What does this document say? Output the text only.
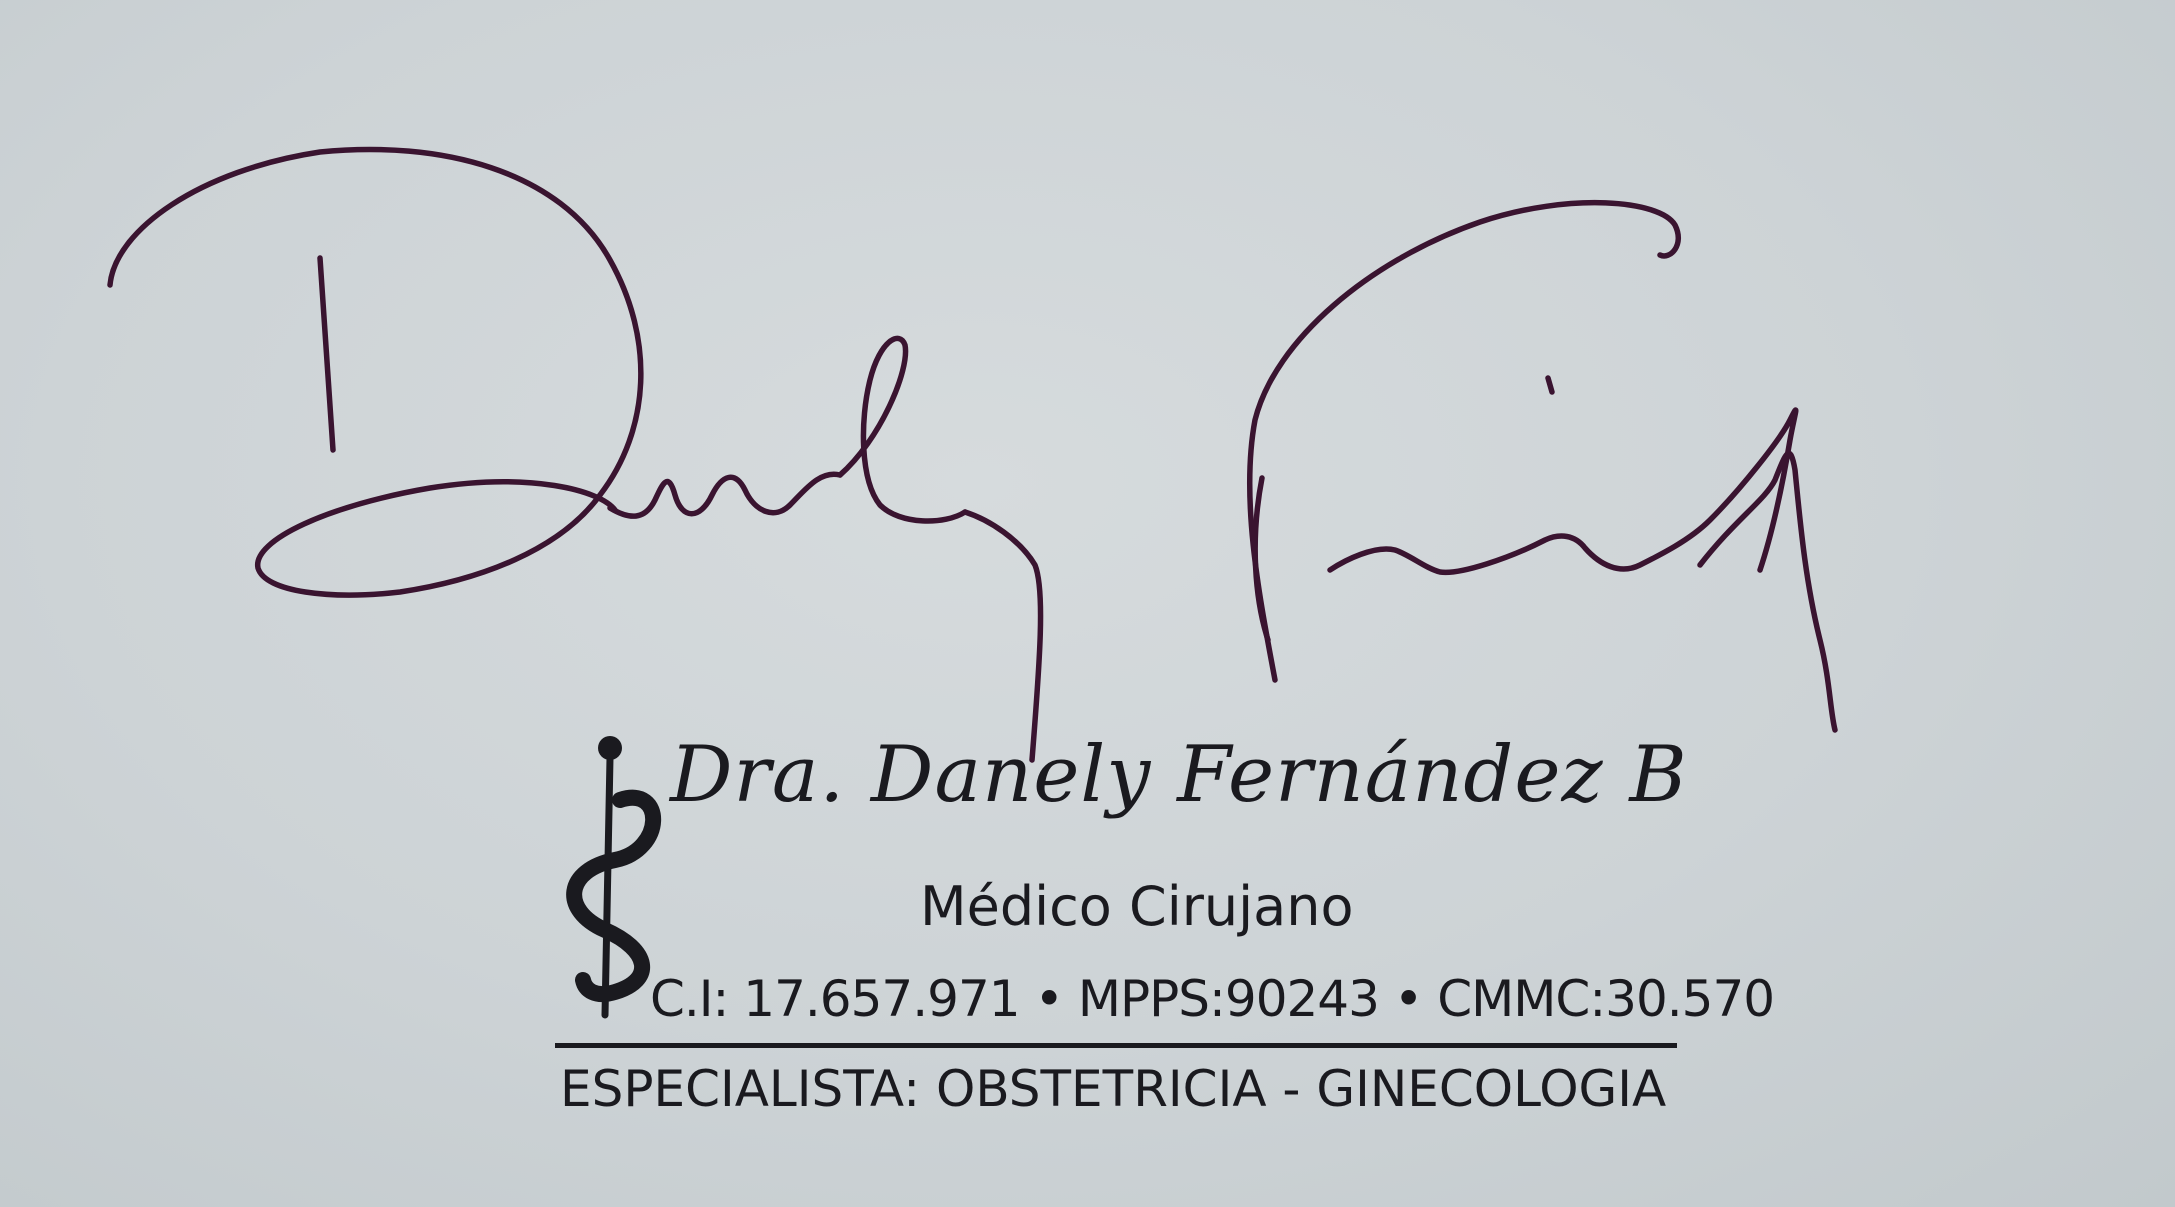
Dra. Danely Fernández B
Médico Cirujano
C.I: 17.657.971 • MPPS:90243 • CMMC:30.570
ESPECIALISTA: OBSTETRICIA - GINECOLOGIA
